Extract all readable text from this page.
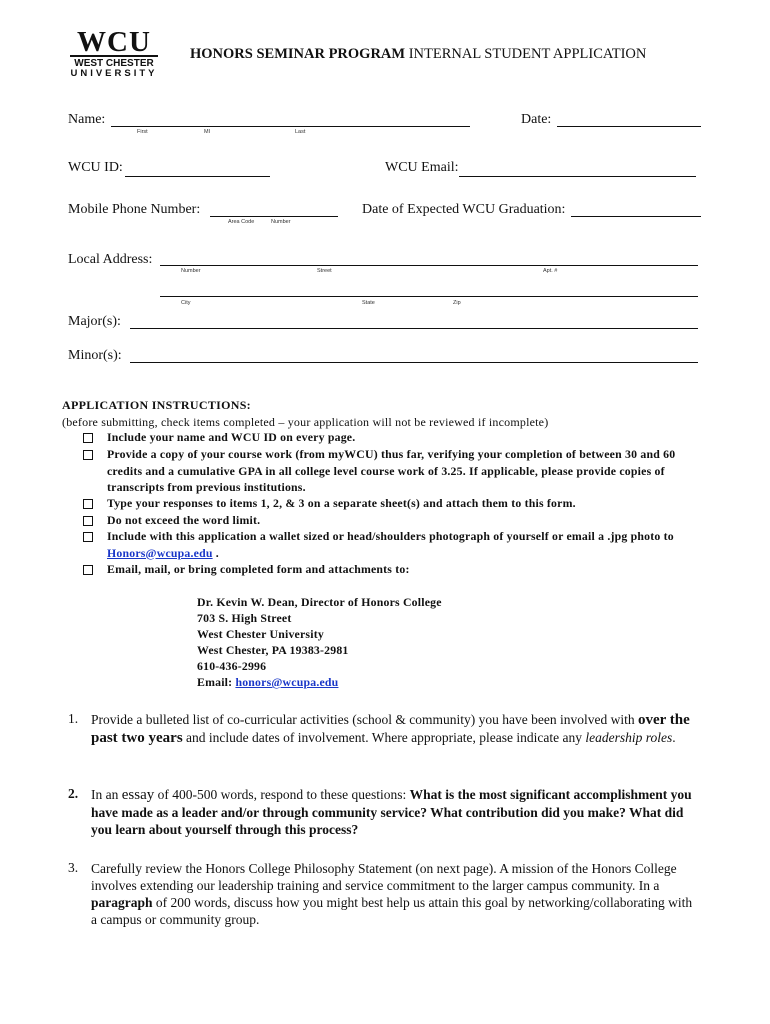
WCU
WEST CHESTER
UNIVERSITY
HONORS SEMINAR PROGRAM INTERNAL STUDENT APPLICATION
Name:
First	MI	Last
Date:
WCU ID:	WCU Email:
Mobile Phone Number:
Area Code	Number
Date of Expected WCU Graduation:
Local Address:
Number	Street	Apt. #
City	State	Zip
Major(s):
Minor(s):
APPLICATION INSTRUCTIONS:
(before submitting, check items completed – your application will not be reviewed if incomplete)
Include your name and WCU ID on every page.
Provide a copy of your course work (from myWCU) thus far, verifying your completion of between 30 and 60 credits and a cumulative GPA in all college level course work of 3.25. If applicable, please provide copies of transcripts from previous institutions.
Type your responses to items 1, 2, & 3 on a separate sheet(s) and attach them to this form.
Do not exceed the word limit.
Include with this application a wallet sized or head/shoulders photograph of yourself or email a .jpg photo to Honors@wcupa.edu .
Email, mail, or bring completed form and attachments to:
Dr. Kevin W. Dean, Director of Honors College
703 S. High Street
West Chester University
West Chester, PA 19383-2981
610-436-2996
Email: honors@wcupa.edu
1. Provide a bulleted list of co-curricular activities (school & community) you have been involved with over the past two years and include dates of involvement. Where appropriate, please indicate any leadership roles.
2. In an essay of 400-500 words, respond to these questions: What is the most significant accomplishment you have made as a leader and/or through community service? What contribution did you make? What did you learn about yourself through this process?
3. Carefully review the Honors College Philosophy Statement (on next page). A mission of the Honors College involves extending our leadership training and service commitment to the larger campus community. In a paragraph of 200 words, discuss how you might best help us attain this goal by networking/collaborating with a campus or community group.
